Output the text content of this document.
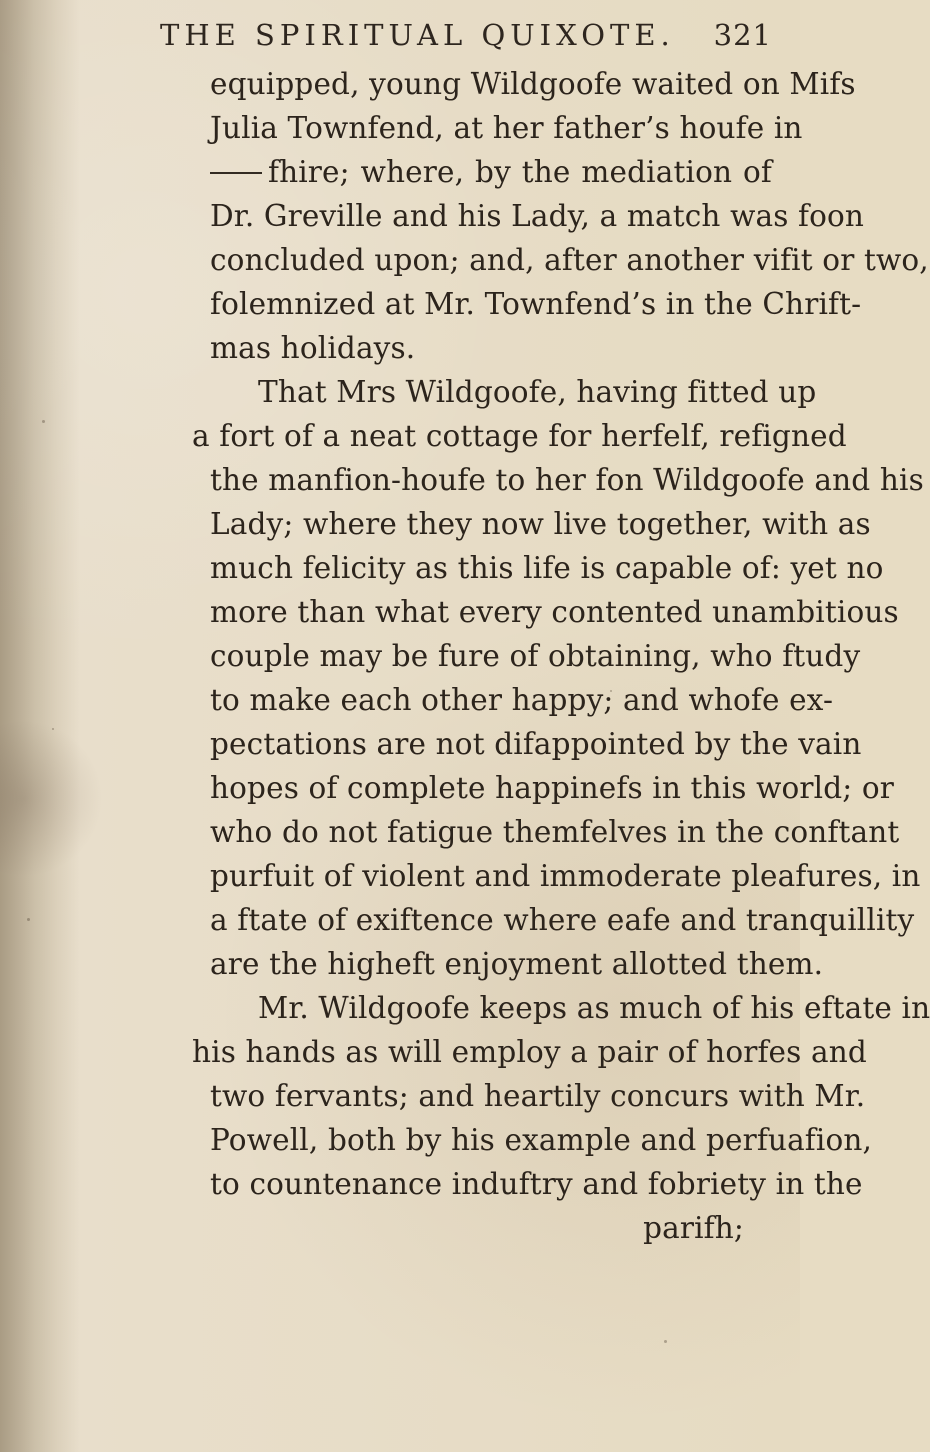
THE SPIRITUAL QUIXOTE. 321
equipped, young Wildgoofe waited on Mifs
Julia Townfend, at her father’s houfe in
fhire; where, by the mediation of
Dr. Greville and his Lady, a match was foon
concluded upon; and, after another vifit or two,
folemnized at Mr. Townfend’s in the Chrift-
mas holidays.
That Mrs Wildgoofe, having fitted up
a fort of a neat cottage for herfelf, refigned
the manfion-houfe to her fon Wildgoofe and his
Lady; where they now live together, with as
much felicity as this life is capable of: yet no
more than what every contented unambitious
couple may be fure of obtaining, who ftudy
to make each other happy; and whofe ex-
pectations are not difappointed by the vain
hopes of complete happinefs in this world; or
who do not fatigue themfelves in the conftant
purfuit of violent and immoderate pleafures, in
a ftate of exiftence where eafe and tranquillity
are the higheft enjoyment allotted them.
Mr. Wildgoofe keeps as much of his eftate in
his hands as will employ a pair of horfes and
two fervants; and heartily concurs with Mr.
Powell, both by his example and perfuafion,
to countenance induftry and fobriety in the
parifh;
